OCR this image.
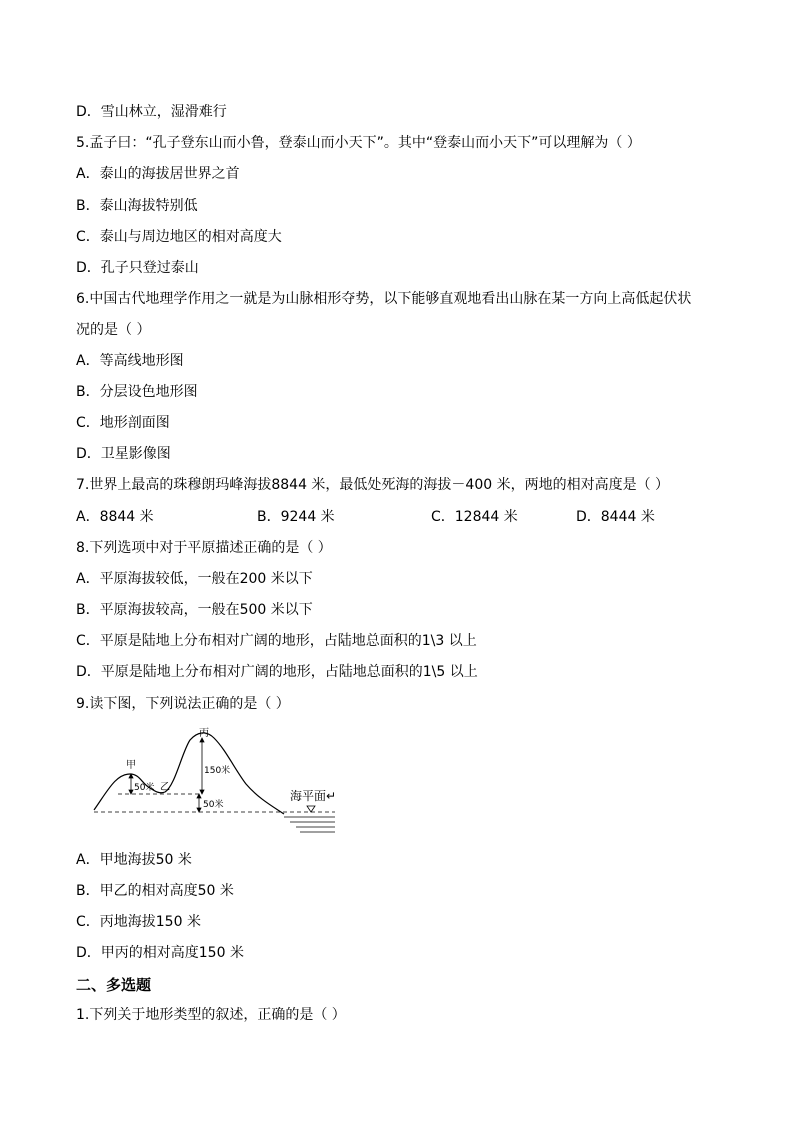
D．雪山林立，湿滑难行
5.孟子曰：“孔子登东山而小鲁，登泰山而小天下”。其中“登泰山而小天下”可以理解为（ ）
A．泰山的海拔居世界之首
B．泰山海拔特别低
C．泰山与周边地区的相对高度大
D．孔子只登过泰山
6.中国古代地理学作用之一就是为山脉相形夺势，以下能够直观地看出山脉在某一方向上高低起伏状
况的是（ ）
A．等高线地形图
B．分层设色地形图
C．地形剖面图
D．卫星影像图
7.世界上最高的珠穆朗玛峰海拔8844 米，最低处死海的海拔－400 米，两地的相对高度是（ ）
A．8844 米	B．9244 米	C．12844 米	D．8444 米
8.下列选项中对于平原描述正确的是（ ）
A．平原海拔较低，一般在200 米以下
B．平原海拔较高，一般在500 米以下
C．平原是陆地上分布相对广阔的地形，占陆地总面积的1\3 以上
D．平原是陆地上分布相对广阔的地形，占陆地总面积的1\5 以上
9.读下图，下列说法正确的是（ ）
甲
乙
丙
50米
150米
50米
海平面↵
A．甲地海拔50 米
B．甲乙的相对高度50 米
C．丙地海拔150 米
D．甲丙的相对高度150 米
二、多选题
1.下列关于地形类型的叙述，正确的是（ ）
